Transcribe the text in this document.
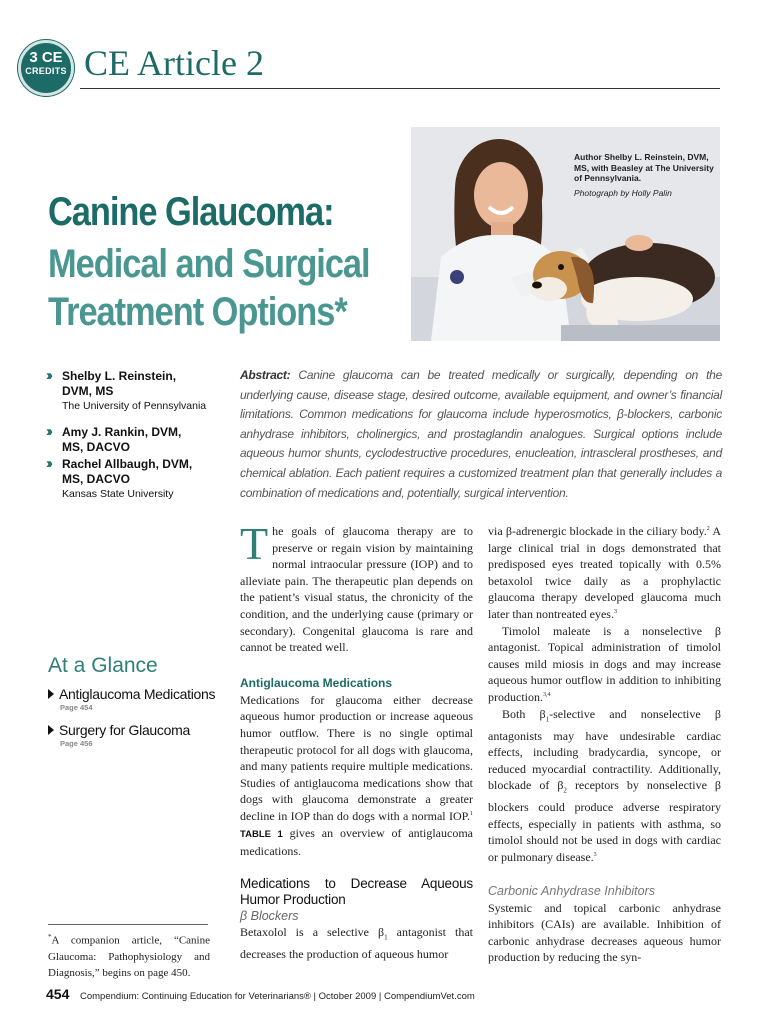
3 CE
CREDITS CE Article 2
Canine Glaucoma:
Medical and Surgical
Treatment Options*
Author Shelby L. Reinstein, DVM, MS, with Beasley at The University of Pennsylvania.
Photograph by Holly Palin
›› Shelby L. Reinstein,
DVM, MS
The University of Pennsylvania
›› Amy J. Rankin, DVM,
MS, DACVO
›› Rachel Allbaugh, DVM,
MS, DACVO
Kansas State University
Abstract: Canine glaucoma can be treated medically or surgically, depending on the underlying cause, disease stage, desired outcome, available equipment, and owner’s financial limitations. Common medications for glaucoma include hyperosmotics, β-blockers, carbonic anhydrase inhibitors, cholinergics, and prostaglandin analogues. Surgical options include aqueous humor shunts, cyclodestructive procedures, enucleation, intrascleral prostheses, and chemical ablation. Each patient requires a customized treatment plan that generally includes a combination of medications and, potentially, surgical intervention.
At a Glance
Antiglaucoma Medications
Page 454
Surgery for Glaucoma
Page 456
*A companion article, “Canine Glaucoma: Pathophysiology and Diagnosis,” begins on page 450.

The goals of glaucoma therapy are to preserve or regain vision by maintaining normal intraocular pressure (IOP) and to alleviate pain. The therapeutic plan depends on the patient’s visual status, the chronicity of the condition, and the underlying cause (primary or secondary). Congenital glaucoma is rare and cannot be treated well.

Antiglaucoma Medications

Medications for glaucoma either decrease aqueous humor production or increase aqueous humor outflow. There is no single optimal therapeutic protocol for all dogs with glaucoma, and many patients require multiple medications. Studies of antiglaucoma medications show that dogs with glaucoma demonstrate a greater decline in IOP than do dogs with a normal IOP.$^1$ TABLE 1 gives an overview of antiglaucoma medications.

Medications to Decrease Aqueous Humor Production
β Blockers

Betaxolol is a selective $\beta_1$ antagonist that decreases the production of aqueous humor

via β-adrenergic blockade in the ciliary body.$^2$ A large clinical trial in dogs demonstrated that predisposed eyes treated topically with 0.5% betaxolol twice daily as a prophylactic glaucoma therapy developed glaucoma much later than nontreated eyes.$^3$

Timolol maleate is a nonselective β antagonist. Topical administration of timolol causes mild miosis in dogs and may increase aqueous humor outflow in addition to inhibiting production.$^{3,4}$

Both $\beta_1$-selective and nonselective β antagonists may have undesirable cardiac effects, including bradycardia, syncope, or reduced myocardial contractility. Additionally, blockade of $\beta_2$ receptors by nonselective β blockers could produce adverse respiratory effects, especially in patients with asthma, so timolol should not be used in dogs with cardiac or pulmonary disease.$^3$

Carbonic Anhydrase Inhibitors

Systemic and topical carbonic anhydrase inhibitors (CAIs) are available. Inhibition of carbonic anhydrase decreases aqueous humor production by reducing the syn-

454 Compendium: Continuing Education for Veterinarians® | October 2009 | CompendiumVet.com
